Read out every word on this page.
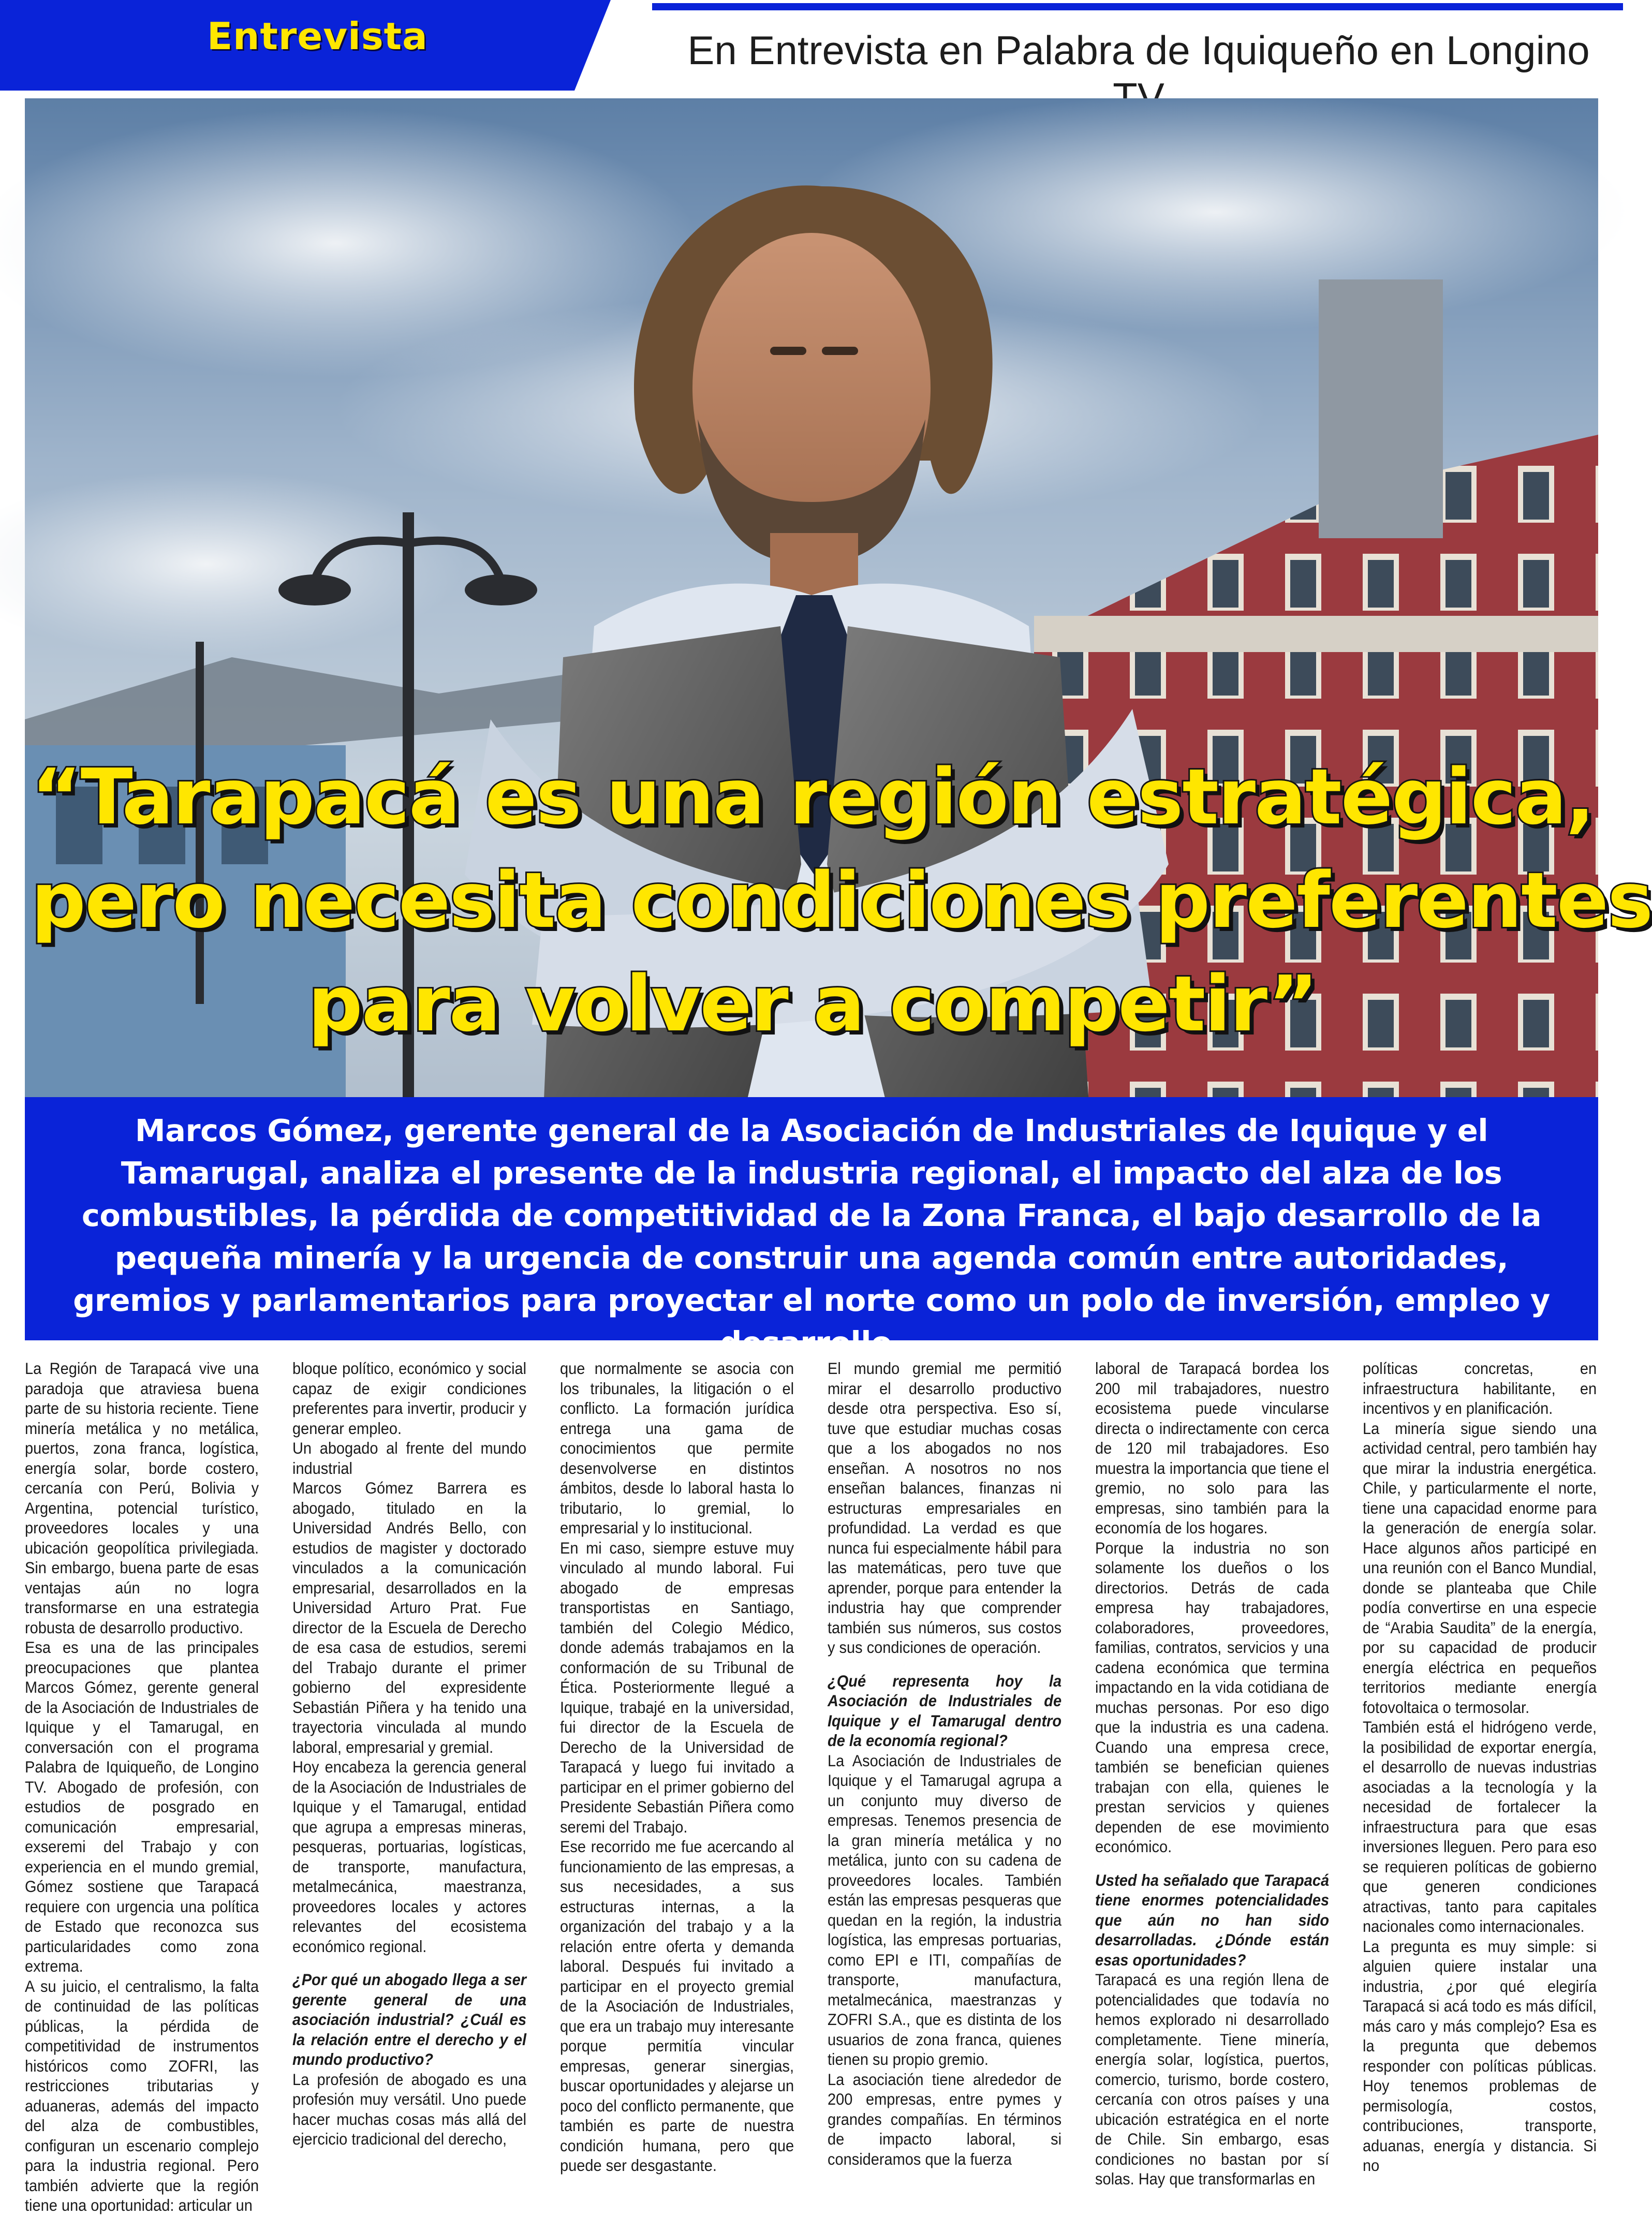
Entrevista	En Entrevista en Palabra de Iquiqueño en Longino
“Tarapacá es una región estratégica,
pero necesita condiciones preferentes
para volver a competir”
Marcos Gómez, gerente general de la Asociación de Industriales de Iquique y el Tamarugal, analiza el presente de la industria regional, el impacto del alza de los combustibles, la pérdida de competitividad de la Zona Franca, el bajo desarrollo de la pequeña minería y la urgencia de construir una agenda común entre autoridades, gremios y parlamentarios para proyectar el norte como un polo de inversión, empleo y desarrollo.

La Región de Tarapacá vive una paradoja que atraviesa buena parte de su historia reciente. Tiene minería metálica y no metálica, puertos, zona franca, logística, energía solar, borde costero, cercanía con Perú, Bolivia y Argentina, potencial turístico, proveedores locales y una ubicación geopolítica privilegiada. Sin embargo, buena parte de esas ventajas aún no logra transformarse en una estrategia robusta de desarrollo productivo.

Esa es una de las principales preocupaciones que plantea Marcos Gómez, gerente general de la Asociación de Industriales de Iquique y el Tamarugal, en conversación con el programa Palabra de Iquiqueño, de Longino TV. Abogado de profesión, con estudios de posgrado en comunicación empresarial, exseremi del Trabajo y con experiencia en el mundo gremial, Gómez sostiene que Tarapacá requiere con urgencia una política de Estado que reconozca sus particularidades como zona extrema.

A su juicio, el centralismo, la falta de continuidad de las políticas públicas, la pérdida de competitividad de instrumentos históricos como ZOFRI, las restricciones tributarias y aduaneras, además del impacto del alza de combustibles, configuran un escenario complejo para la industria regional. Pero también advierte que la región tiene una oportunidad: articular un

bloque político, económico y social capaz de exigir condiciones preferentes para invertir, producir y generar empleo.

Un abogado al frente del mundo industrial

Marcos Gómez Barrera es abogado, titulado en la Universidad Andrés Bello, con estudios de magister y doctorado vinculados a la comunicación empresarial, desarrollados en la Universidad Arturo Prat. Fue director de la Escuela de Derecho de esa casa de estudios, seremi del Trabajo durante el primer gobierno del expresidente Sebastián Piñera y ha tenido una trayectoria vinculada al mundo laboral, empresarial y gremial.

Hoy encabeza la gerencia general de la Asociación de Industriales de Iquique y el Tamarugal, entidad que agrupa a empresas mineras, pesqueras, portuarias, logísticas, de transporte, manufactura, metalmecánica, maestranza, proveedores locales y actores relevantes del ecosistema económico regional.

¿Por qué un abogado llega a ser gerente general de una asociación industrial? ¿Cuál es la relación entre el derecho y el mundo productivo?

La profesión de abogado es una profesión muy versátil. Uno puede hacer muchas cosas más allá del ejercicio tradicional del derecho,

que normalmente se asocia con los tribunales, la litigación o el conflicto. La formación jurídica entrega una gama de conocimientos que permite desenvolverse en distintos ámbitos, desde lo laboral hasta lo tributario, lo gremial, lo empresarial y lo institucional.

En mi caso, siempre estuve muy vinculado al mundo laboral. Fui abogado de empresas transportistas en Santiago, también del Colegio Médico, donde además trabajamos en la conformación de su Tribunal de Ética. Posteriormente llegué a Iquique, trabajé en la universidad, fui director de la Escuela de Derecho de la Universidad de Tarapacá y luego fui invitado a participar en el primer gobierno del Presidente Sebastián Piñera como seremi del Trabajo.

Ese recorrido me fue acercando al funcionamiento de las empresas, a sus necesidades, a sus estructuras internas, a la organización del trabajo y a la relación entre oferta y demanda laboral. Después fui invitado a participar en el proyecto gremial de la Asociación de Industriales, que era un trabajo muy interesante porque permitía vincular empresas, generar sinergias, buscar oportunidades y alejarse un poco del conflicto permanente, que también es parte de nuestra condición humana, pero que puede ser desgastante.

El mundo gremial me permitió mirar el desarrollo productivo desde otra perspectiva. Eso sí, tuve que estudiar muchas cosas que a los abogados no nos enseñan. A nosotros no nos enseñan balances, finanzas ni estructuras empresariales en profundidad. La verdad es que nunca fui especialmente hábil para las matemáticas, pero tuve que aprender, porque para entender la industria hay que comprender también sus números, sus costos y sus condiciones de operación.

¿Qué representa hoy la Asociación de Industriales de Iquique y el Tamarugal dentro de la economía regional?

La Asociación de Industriales de Iquique y el Tamarugal agrupa a un conjunto muy diverso de empresas. Tenemos presencia de la gran minería metálica y no metálica, junto con su cadena de proveedores locales. También están las empresas pesqueras que quedan en la región, la industria logística, las empresas portuarias, como EPI e ITI, compañías de transporte, manufactura, metalmecánica, maestranzas y ZOFRI S.A., que es distinta de los usuarios de zona franca, quienes tienen su propio gremio.

La asociación tiene alrededor de 200 empresas, entre pymes y grandes compañías. En términos de impacto laboral, si consideramos que la fuerza

laboral de Tarapacá bordea los 200 mil trabajadores, nuestro ecosistema puede vincularse directa o indirectamente con cerca de 120 mil trabajadores. Eso muestra la importancia que tiene el gremio, no solo para las empresas, sino también para la economía de los hogares.

Porque la industria no son solamente los dueños o los directorios. Detrás de cada empresa hay trabajadores, colaboradores, proveedores, familias, contratos, servicios y una cadena económica que termina impactando en la vida cotidiana de muchas personas. Por eso digo que la industria es una cadena. Cuando una empresa crece, también se benefician quienes trabajan con ella, quienes le prestan servicios y quienes dependen de ese movimiento económico.

Usted ha señalado que Tarapacá tiene enormes potencialidades que aún no han sido desarrolladas. ¿Dónde están esas oportunidades?

Tarapacá es una región llena de potencialidades que todavía no hemos explorado ni desarrollado completamente. Tiene minería, energía solar, logística, puertos, comercio, turismo, borde costero, cercanía con otros países y una ubicación estratégica en el norte de Chile. Sin embargo, esas condiciones no bastan por sí solas. Hay que transformarlas en

políticas concretas, en infraestructura habilitante, en incentivos y en planificación.

La minería sigue siendo una actividad central, pero también hay que mirar la industria energética. Chile, y particularmente el norte, tiene una capacidad enorme para la generación de energía solar. Hace algunos años participé en una reunión con el Banco Mundial, donde se planteaba que Chile podía convertirse en una especie de “Arabia Saudita” de la energía, por su capacidad de producir energía eléctrica en pequeños territorios mediante energía fotovoltaica o termosolar.

También está el hidrógeno verde, la posibilidad de exportar energía, el desarrollo de nuevas industrias asociadas a la tecnología y la necesidad de fortalecer la infraestructura para que esas inversiones lleguen. Pero para eso se requieren políticas de gobierno que generen condiciones atractivas, tanto para capitales nacionales como internacionales.

La pregunta es muy simple: si alguien quiere instalar una industria, ¿por qué elegiría Tarapacá si acá todo es más difícil, más caro y más complejo? Esa es la pregunta que debemos responder con políticas públicas. Hoy tenemos problemas de permisología, costos, contribuciones, transporte, aduanas, energía y distancia. Si no
